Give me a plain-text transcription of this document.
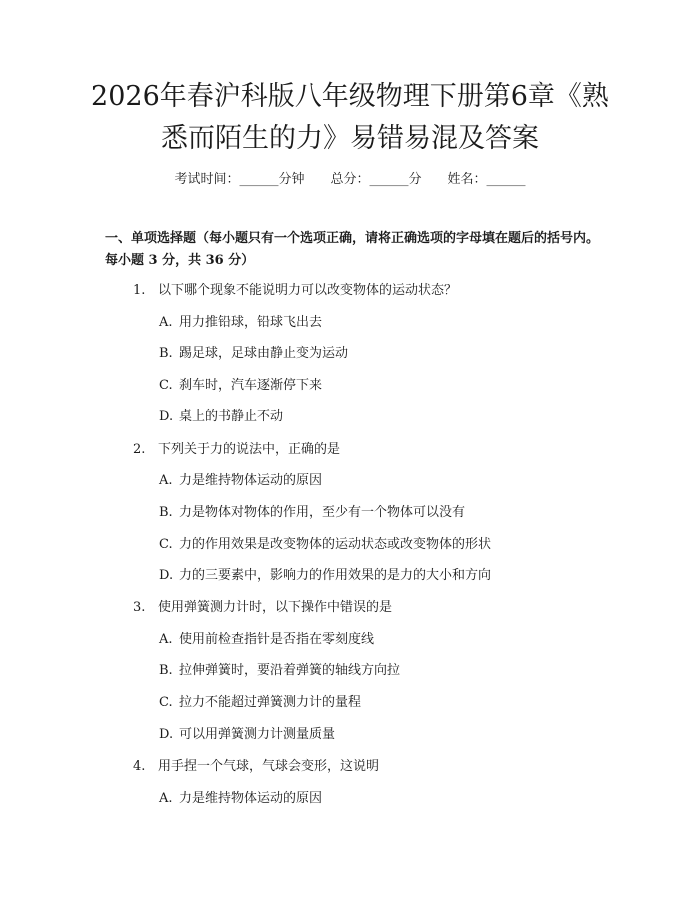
2026年春沪科版八年级物理下册第6章《熟
悉而陌生的力》易错易混及答案
考试时间：______分钟 总分：______分 姓名：______
一、单项选择题（每小题只有一个选项正确，请将正确选项的字母填在题后的括号内。每小题 3 分，共 36 分）
1. 以下哪个现象不能说明力可以改变物体的运动状态？
A. 用力推铅球，铅球飞出去
B. 踢足球，足球由静止变为运动
C. 刹车时，汽车逐渐停下来
D. 桌上的书静止不动
2. 下列关于力的说法中，正确的是
A. 力是维持物体运动的原因
B. 力是物体对物体的作用，至少有一个物体可以没有
C. 力的作用效果是改变物体的运动状态或改变物体的形状
D. 力的三要素中，影响力的作用效果的是力的大小和方向
3. 使用弹簧测力计时，以下操作中错误的是
A. 使用前检查指针是否指在零刻度线
B. 拉伸弹簧时，要沿着弹簧的轴线方向拉
C. 拉力不能超过弹簧测力计的量程
D. 可以用弹簧测力计测量质量
4. 用手捏一个气球，气球会变形，这说明
A. 力是维持物体运动的原因
